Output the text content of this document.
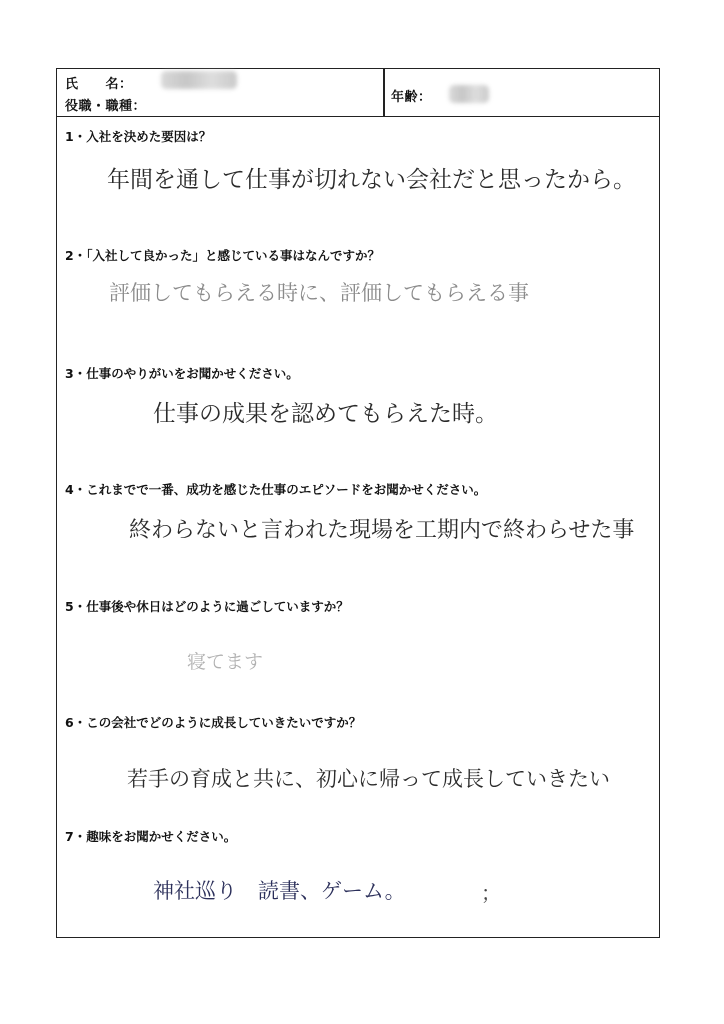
氏　　名：
役職・職種：
年齢：
1・入社を決めた要因は？
年間を通して仕事が切れない会社だと思ったから。
2・「入社して良かった」と感じている事はなんですか？
評価してもらえる時に、評価してもらえる事
3・仕事のやりがいをお聞かせください。
仕事の成果を認めてもらえた時。
4・これまでで一番、成功を感じた仕事のエピソードをお聞かせください。
終わらないと言われた現場を工期内で終わらせた事
5・仕事後や休日はどのように過ごしていますか？
寝てます
6・この会社でどのように成長していきたいですか？
若手の育成と共に、初心に帰って成長していきたい
7・趣味をお聞かせください。
神社巡り　読書、ゲーム。	；
